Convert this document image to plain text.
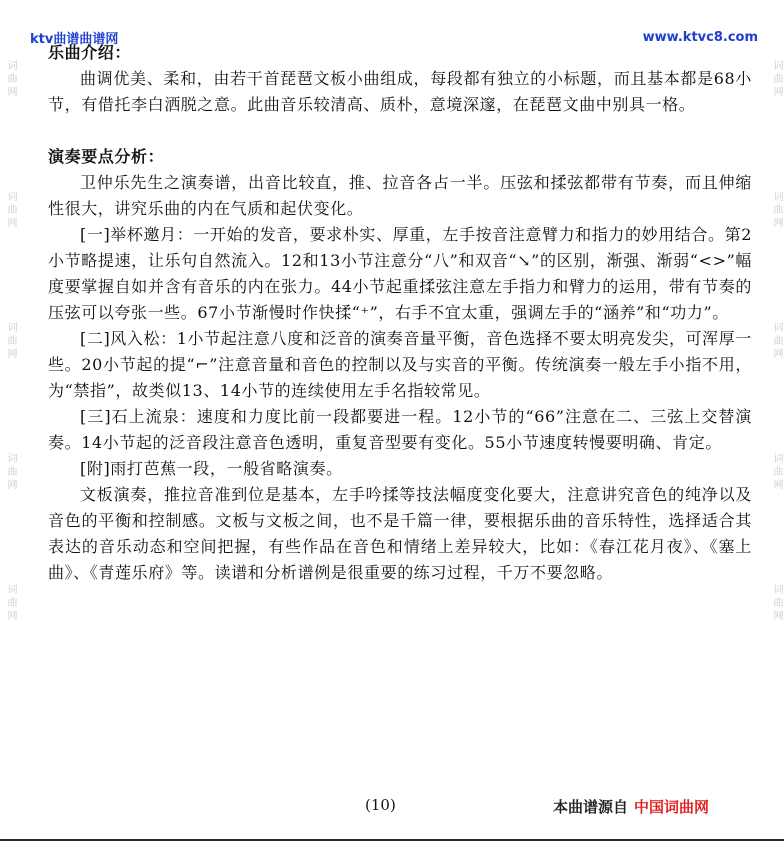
词曲网
词曲网
词曲网
词曲网
词曲网
词曲网
词曲网
词曲网
词曲网
词曲网
ktv曲谱曲谱网	www.ktvc8.com
乐曲介绍：

曲调优美、柔和，由若干首琵琶文板小曲组成，每段都有独立的小标题，而且基本都是68小节，有借托李白洒脱之意。此曲音乐较清高、质朴，意境深邃，在琵琶文曲中别具一格。

演奏要点分析：

卫仲乐先生之演奏谱，出音比较直，推、拉音各占一半。压弦和揉弦都带有节奏，而且伸缩性很大，讲究乐曲的内在气质和起伏变化。

[一]举杯邀月：一开始的发音，要求朴实、厚重，左手按音注意臂力和指力的妙用结合。第2小节略提速，让乐句自然流入。12和13小节注意分“八”和双音“↘”的区别，渐强、渐弱“<>”幅度要掌握自如并含有音乐的内在张力。44小节起重揉弦注意左手指力和臂力的运用，带有节奏的压弦可以夸张一些。67小节渐慢时作快揉“⁺”，右手不宜太重，强调左手的“涵养”和“功力”。

[二]风入松：1小节起注意八度和泛音的演奏音量平衡，音色选择不要太明亮发尖，可浑厚一些。20小节起的提“⌐”注意音量和音色的控制以及与实音的平衡。传统演奏一般左手小指不用，为“禁指”，故类似13、14小节的连续使用左手名指较常见。

[三]石上流泉：速度和力度比前一段都要进一程。12小节的“66”注意在二、三弦上交替演奏。14小节起的泛音段注意音色透明，重复音型要有变化。55小节速度转慢要明确、肯定。

[附]雨打芭蕉一段，一般省略演奏。

文板演奏，推拉音准到位是基本，左手吟揉等技法幅度变化要大，注意讲究音色的纯净以及音色的平衡和控制感。文板与文板之间，也不是千篇一律，要根据乐曲的音乐特性，选择适合其表达的音乐动态和空间把握，有些作品在音色和情绪上差异较大，比如：《春江花月夜》、《塞上曲》、《青莲乐府》等。读谱和分析谱例是很重要的练习过程，千万不要忽略。

(10)	本曲谱源自 中国词曲网
